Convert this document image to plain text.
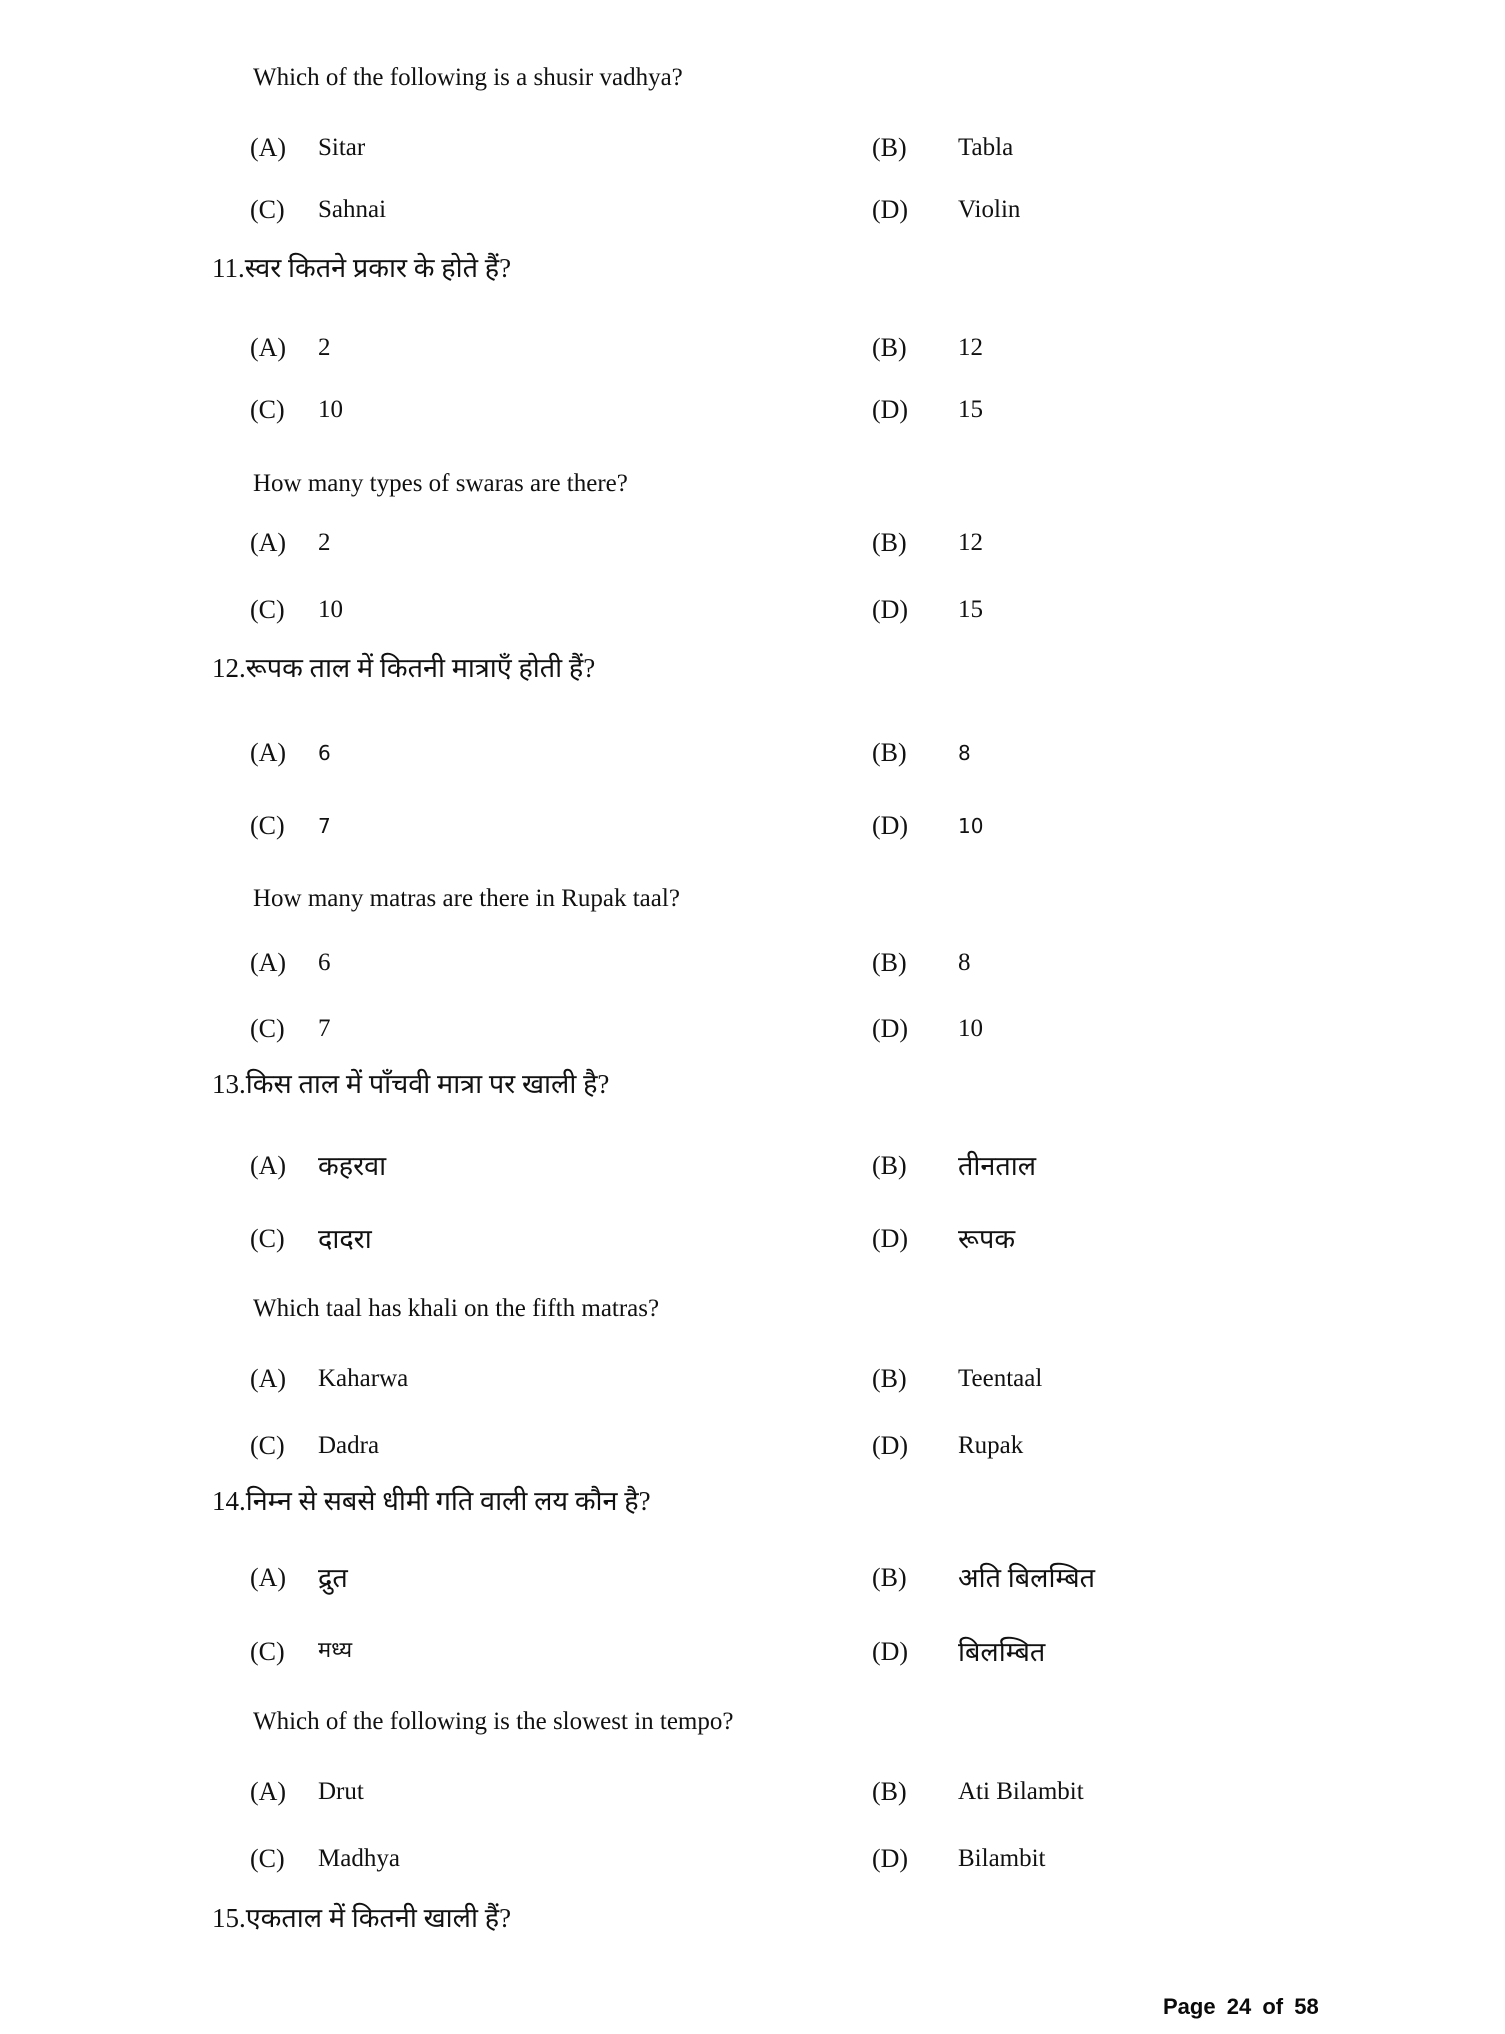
Which of the following is a shusir vadhya?
(A) Sitar	(B) Tabla
(C) Sahnai	(D) Violin
11.स्वर कितने प्रकार के होते हैं?
(A) 2	(B) 12
(C) 10	(D) 15
How many types of swaras are there?
(A) 2	(B) 12
(C) 10	(D) 15
12.रूपक ताल में कितनी मात्राएँ होती हैं?
(A) 6	(B)	8
(C) 7	(D) 10
How many matras are there in Rupak taal?
(A) 6	(B) 8
(C) 7	(D) 10
13.किस ताल में पाँचवी मात्रा पर खाली है?
(A) कहरवा	(B) तीनताल
(C) दादरा	(D) रूपक
Which taal has khali on the fifth matras?
(A) Kaharwa	(B) Teentaal
(C) Dadra	(D) Rupak
14.निम्न से सबसे धीमी गति वाली लय कौन है?
(A) द्रुत	(B) अति बिलम्बित
(C) मध्य	(D) बिलम्बित
Which of the following is the slowest in tempo?
(A) Drut	(B) Ati Bilambit
(C) Madhya	(D) Bilambit
15.एकताल में कितनी खाली हैं?
Page 24 of 58
